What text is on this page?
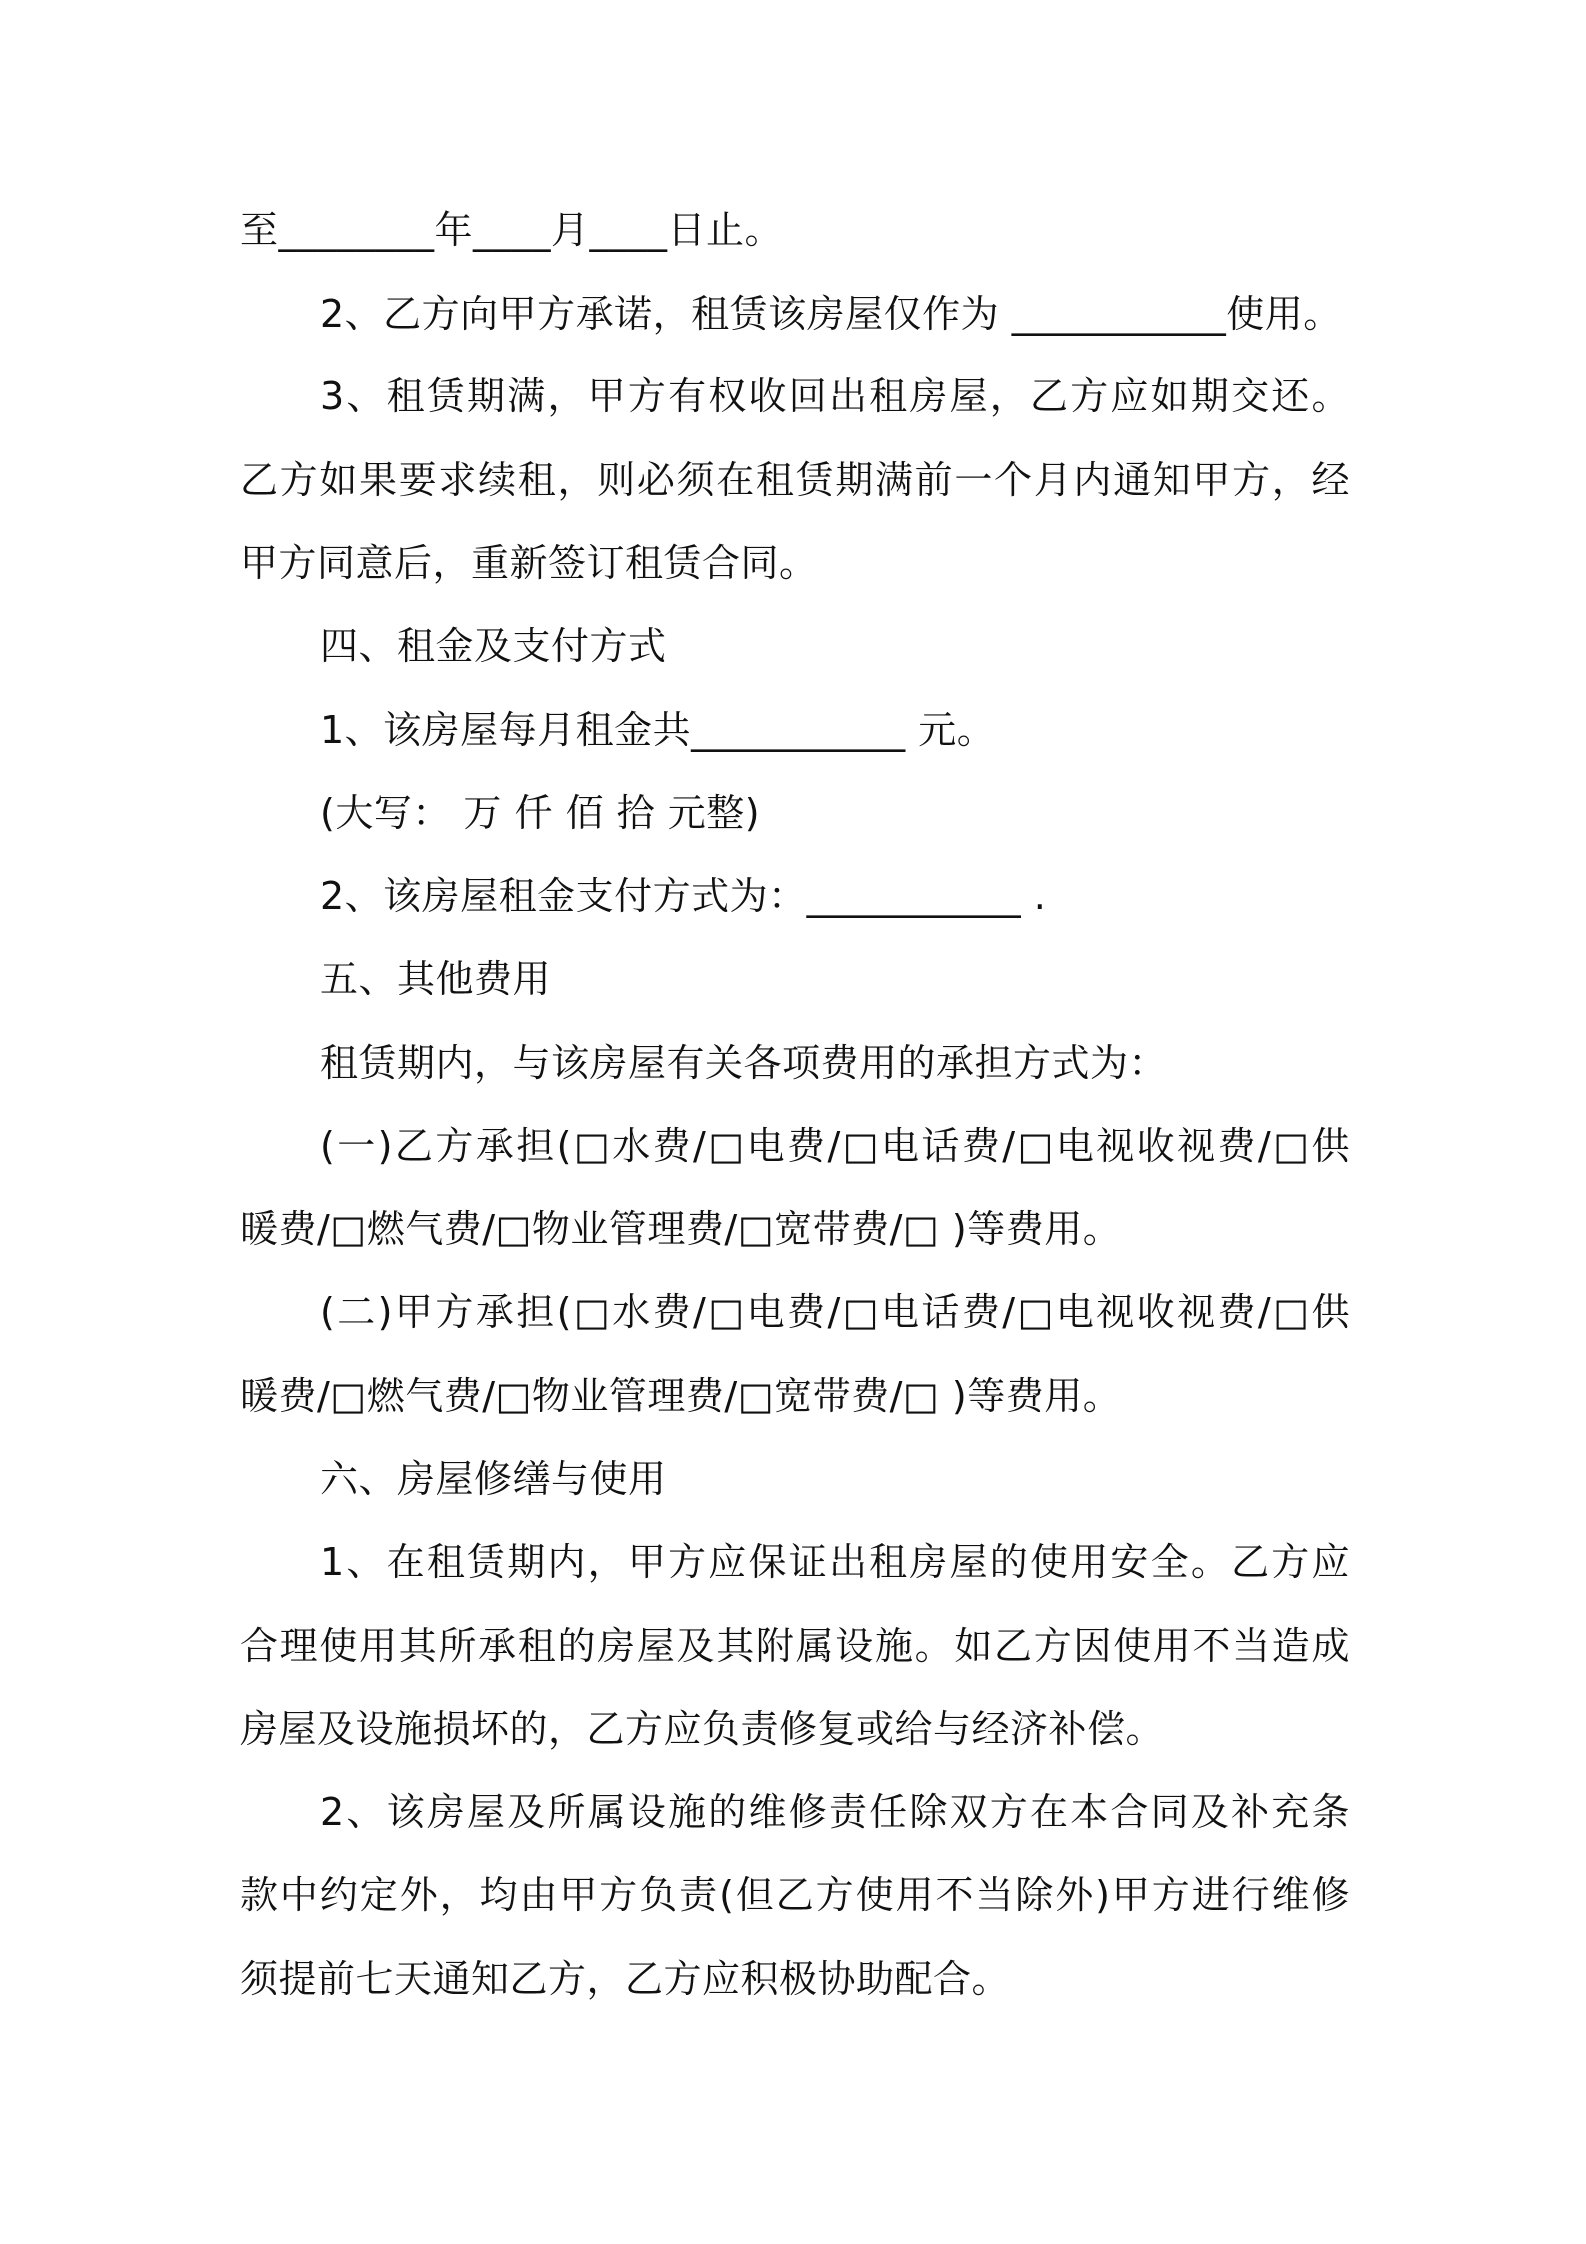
至________年____月____日止。
2、乙方向甲方承诺，租赁该房屋仅作为 ___________使用。
3、租赁期满，甲方有权收回出租房屋，乙方应如期交还。
乙方如果要求续租，则必须在租赁期满前一个月内通知甲方，经
甲方同意后，重新签订租赁合同。
四、租金及支付方式
1、该房屋每月租金共___________ 元。
(大写： 万 仟 佰 拾 元整)
2、该房屋租金支付方式为：___________ .
五、其他费用
租赁期内，与该房屋有关各项费用的承担方式为：
(一)乙方承担(□水费/□电费/□电话费/□电视收视费/□供
暖费/□燃气费/□物业管理费/□宽带费/□ )等费用。
(二)甲方承担(□水费/□电费/□电话费/□电视收视费/□供
暖费/□燃气费/□物业管理费/□宽带费/□ )等费用。
六、房屋修缮与使用
1、在租赁期内，甲方应保证出租房屋的使用安全。乙方应
合理使用其所承租的房屋及其附属设施。如乙方因使用不当造成
房屋及设施损坏的，乙方应负责修复或给与经济补偿。
2、该房屋及所属设施的维修责任除双方在本合同及补充条
款中约定外，均由甲方负责(但乙方使用不当除外)甲方进行维修
须提前七天通知乙方，乙方应积极协助配合。
